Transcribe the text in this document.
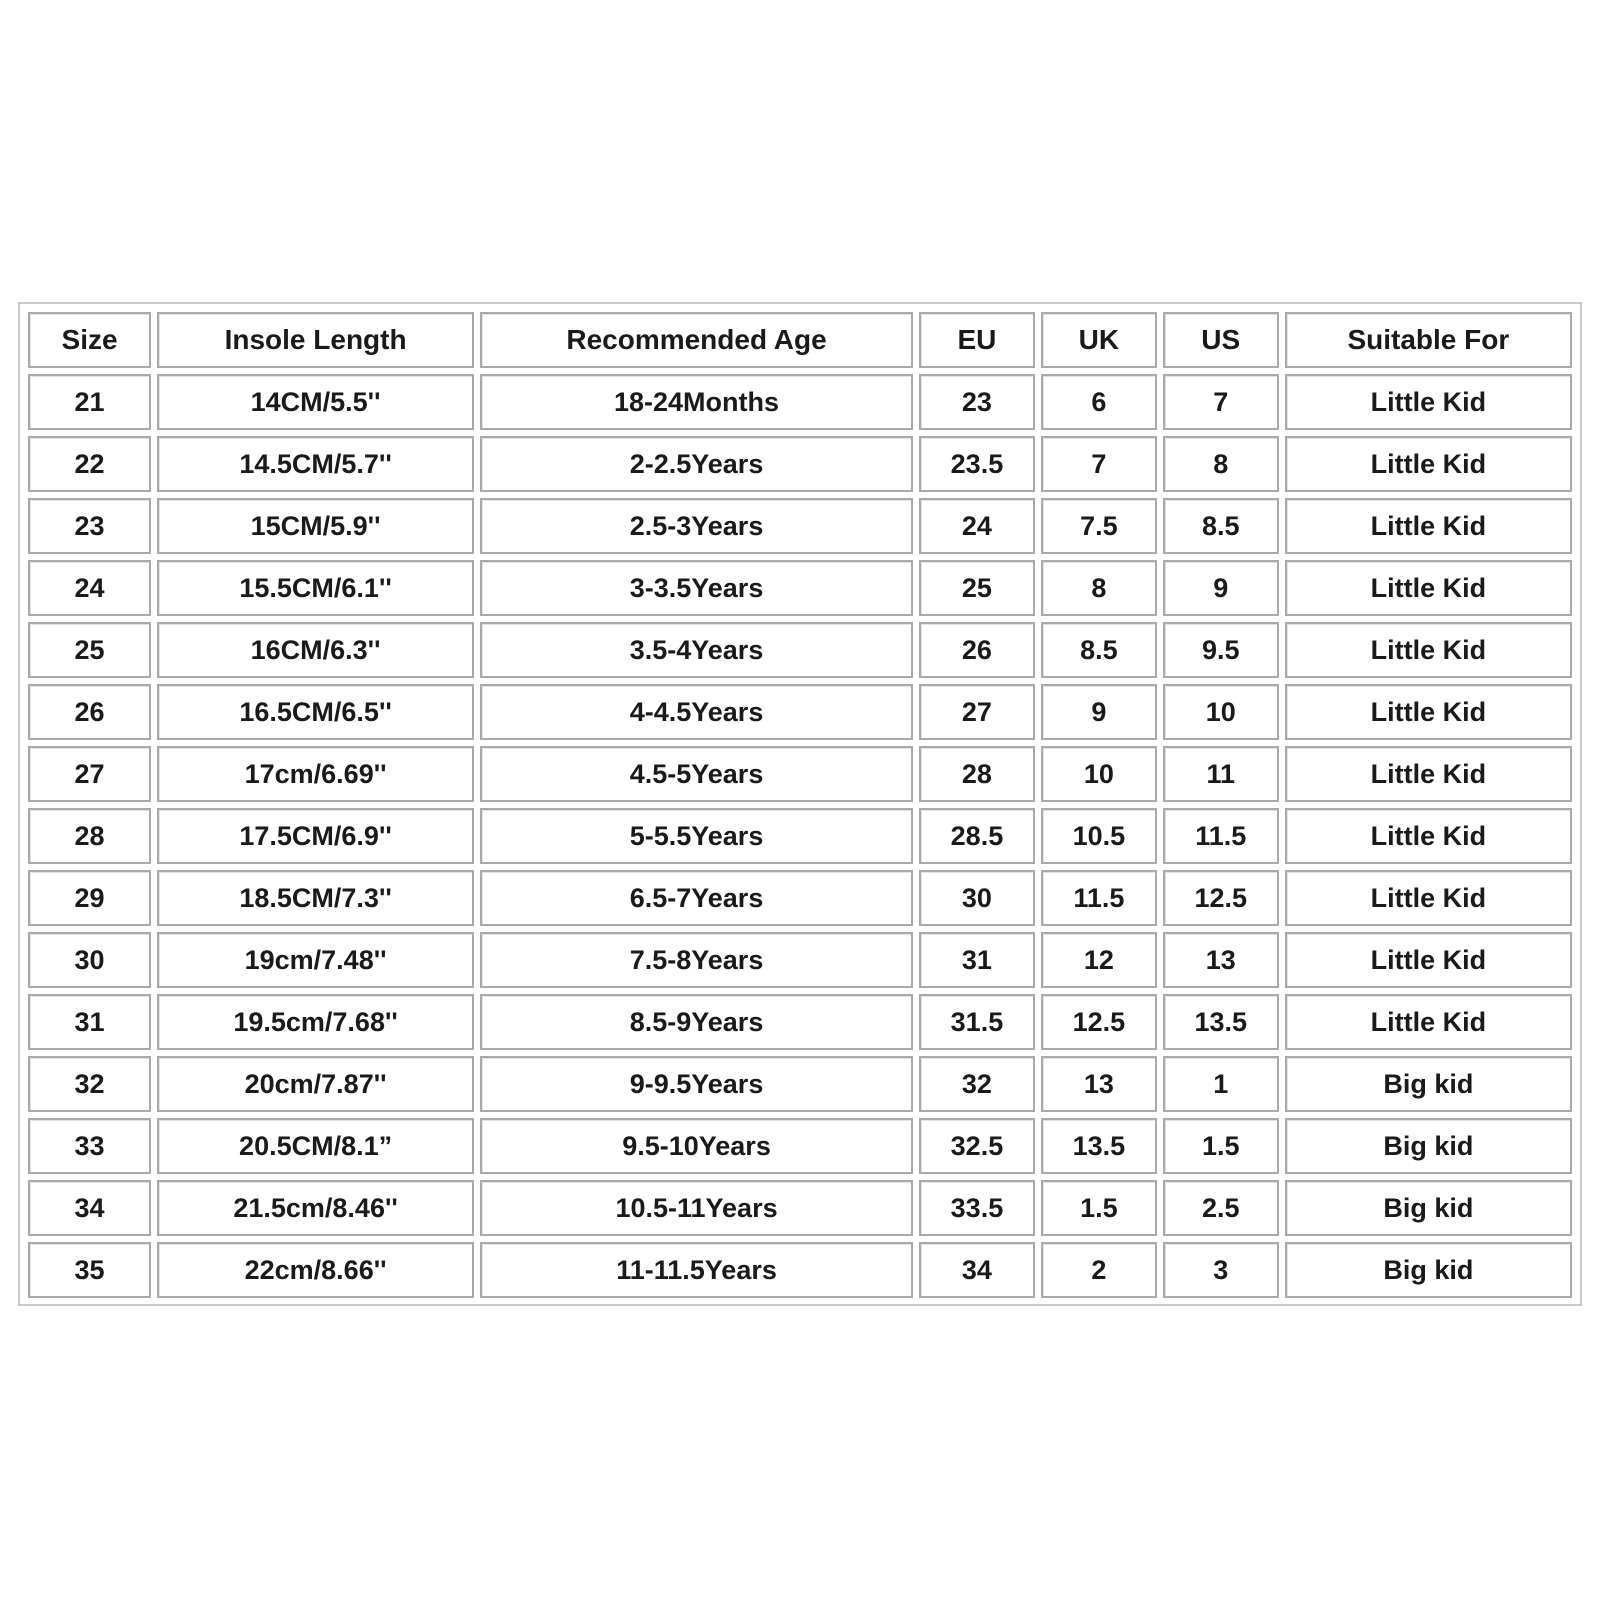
Size	Insole Length	Recommended Age	EU	UK	US	Suitable For
21	14CM/5.5''	18-24Months	23	6	7	Little Kid
22	14.5CM/5.7''	2-2.5Years	23.5	7	8	Little Kid
23	15CM/5.9''	2.5-3Years	24	7.5	8.5	Little Kid
24	15.5CM/6.1''	3-3.5Years	25	8	9	Little Kid
25	16CM/6.3''	3.5-4Years	26	8.5	9.5	Little Kid
26	16.5CM/6.5''	4-4.5Years	27	9	10	Little Kid
27	17cm/6.69''	4.5-5Years	28	10	11	Little Kid
28	17.5CM/6.9''	5-5.5Years	28.5	10.5	11.5	Little Kid
29	18.5CM/7.3''	6.5-7Years	30	11.5	12.5	Little Kid
30	19cm/7.48''	7.5-8Years	31	12	13	Little Kid
31	19.5cm/7.68''	8.5-9Years	31.5	12.5	13.5	Little Kid
32	20cm/7.87''	9-9.5Years	32	13	1	Big kid
33	20.5CM/8.1”	9.5-10Years	32.5	13.5	1.5	Big kid
34	21.5cm/8.46''	10.5-11Years	33.5	1.5	2.5	Big kid
35	22cm/8.66''	11-11.5Years	34	2	3	Big kid
